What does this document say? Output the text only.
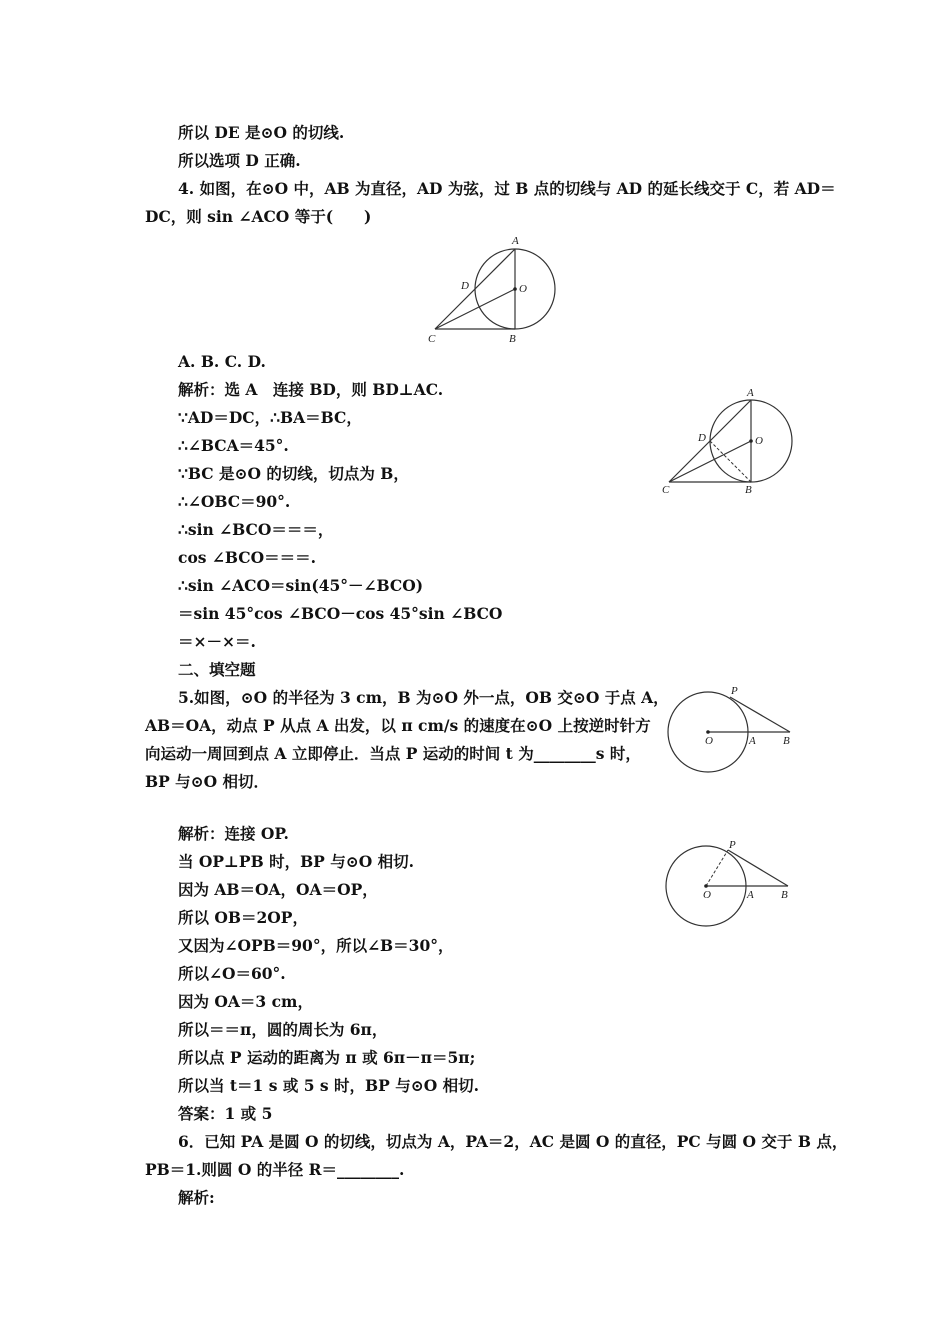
所以 DE 是⊙O 的切线.
所以选项 D 正确.
4. 如图，在⊙O 中，AB 为直径，AD 为弦，过 B 点的切线与 AD 的延长线交于 C，若 AD＝
DC，则 sin ∠ACO 等于(　　)
A
O
D
C	B
A. B. C. D.
解析：选 A　连接 BD，则 BD⊥AC.
∵AD＝DC，∴BA＝BC，
∴∠BCA＝45°.
∵BC 是⊙O 的切线，切点为 B，
∴∠OBC＝90°.
∴sin ∠BCO＝＝＝，
cos ∠BCO＝＝＝.
∴sin ∠ACO＝sin(45°－∠BCO)
＝sin 45°cos ∠BCO－cos 45°sin ∠BCO
＝×－×＝.
A
O
D
C	B
二、填空题
5.如图，⊙O 的半径为 3 cm，B 为⊙O 外一点，OB 交⊙O 于点 A，
AB＝OA，动点 P 从点 A 出发，以 π cm/s 的速度在⊙O 上按逆时针方
向运动一周回到点 A 立即停止．当点 P 运动的时间 t 为________s 时，
BP 与⊙O 相切．
P
O	A B
解析：连接 OP.
当 OP⊥PB 时，BP 与⊙O 相切.
因为 AB＝OA，OA＝OP，
所以 OB＝2OP，
又因为∠OPB＝90°，所以∠B＝30°，
所以∠O＝60°.
因为 OA＝3 cm，
所以＝＝π，圆的周长为 6π，
所以点 P 运动的距离为 π 或 6π－π＝5π;
所以当 t＝1 s 或 5 s 时，BP 与⊙O 相切.
答案：1 或 5
P
O	A B
6．已知 PA 是圆 O 的切线，切点为 A，PA＝2，AC 是圆 O 的直径，PC 与圆 O 交于 B 点，
PB＝1.则圆 O 的半径 R＝________.
解析:
